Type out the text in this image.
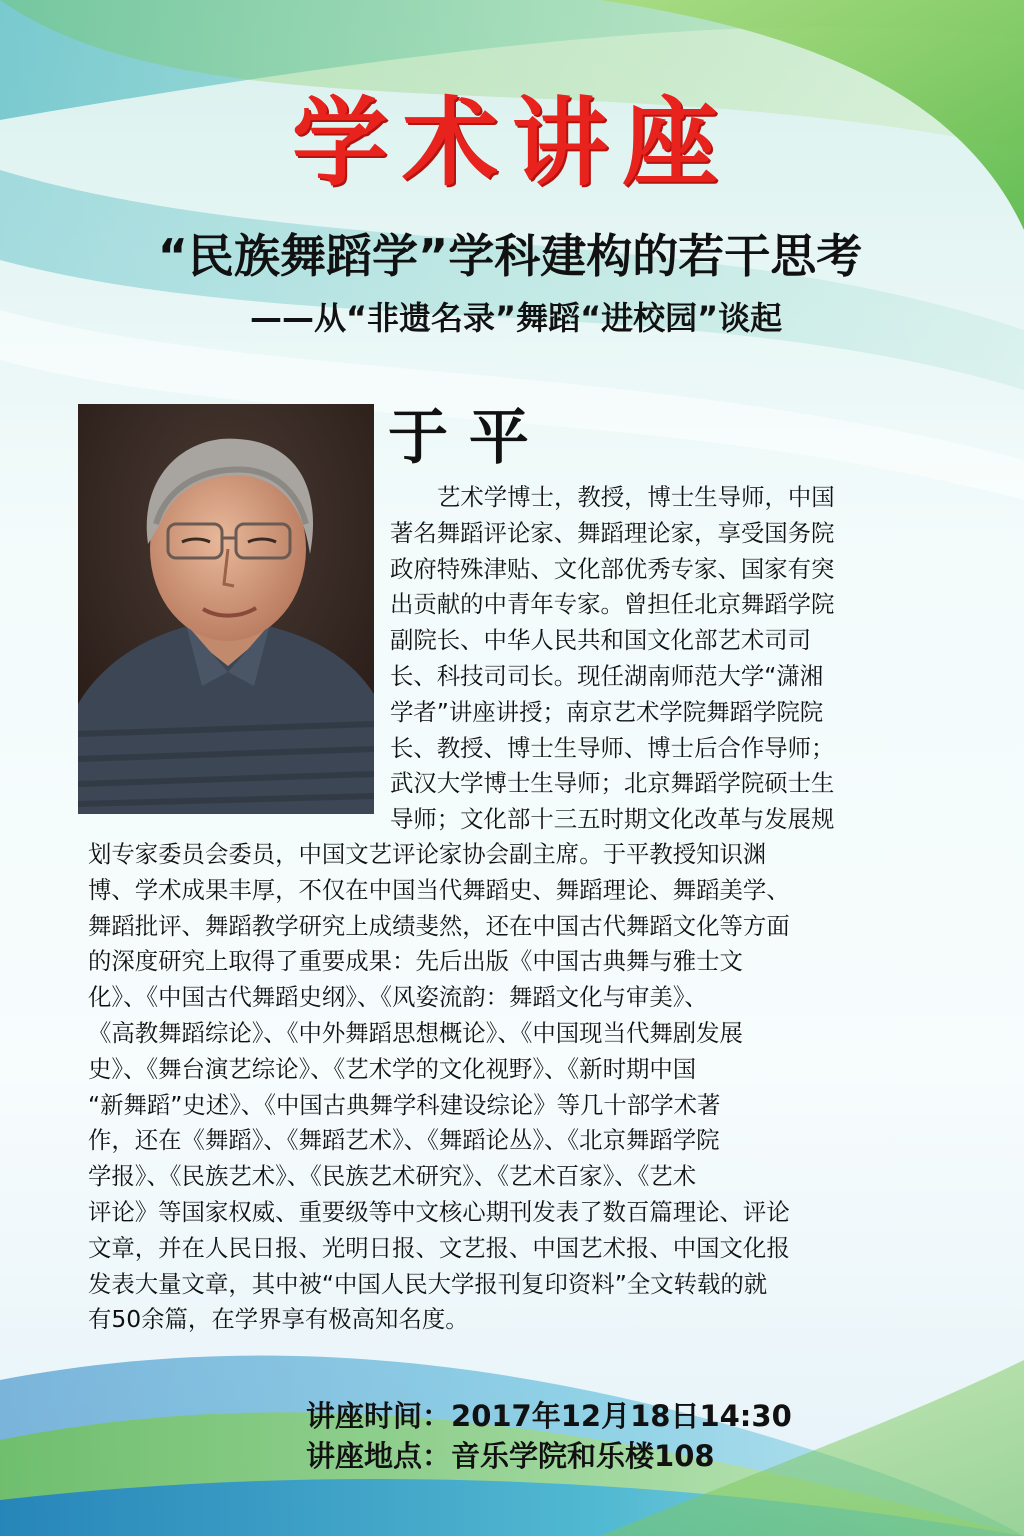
学术讲座
“民族舞蹈学”学科建构的若干思考
——从“非遗名录”舞蹈“进校园”谈起
于 平
艺术学博士，教授，博士生导师，中国
著名舞蹈评论家、舞蹈理论家，享受国务院
政府特殊津贴、文化部优秀专家、国家有突
出贡献的中青年专家。曾担任北京舞蹈学院
副院长、中华人民共和国文化部艺术司司
长、科技司司长。现任湖南师范大学“潇湘
学者”讲座讲授；南京艺术学院舞蹈学院院
长、教授、博士生导师、博士后合作导师；
武汉大学博士生导师；北京舞蹈学院硕士生
导师；文化部十三五时期文化改革与发展规
划专家委员会委员，中国文艺评论家协会副主席。于平教授知识渊
博、学术成果丰厚，不仅在中国当代舞蹈史、舞蹈理论、舞蹈美学、
舞蹈批评、舞蹈教学研究上成绩斐然，还在中国古代舞蹈文化等方面
的深度研究上取得了重要成果：先后出版《中国古典舞与雅士文
化》、《中国古代舞蹈史纲》、《风姿流韵：舞蹈文化与审美》、
《高教舞蹈综论》、《中外舞蹈思想概论》、《中国现当代舞剧发展
史》、《舞台演艺综论》、《艺术学的文化视野》、《新时期中国
“新舞蹈”史述》、《中国古典舞学科建设综论》等几十部学术著
作，还在《舞蹈》、《舞蹈艺术》、《舞蹈论丛》、《北京舞蹈学院
学报》、《民族艺术》、《民族艺术研究》、《艺术百家》、《艺术
评论》等国家权威、重要级等中文核心期刊发表了数百篇理论、评论
文章，并在人民日报、光明日报、文艺报、中国艺术报、中国文化报
发表大量文章，其中被“中国人民大学报刊复印资料”全文转载的就
有50余篇，在学界享有极高知名度。
讲座时间：2017年12月18日14:30
讲座地点：音乐学院和乐楼108
